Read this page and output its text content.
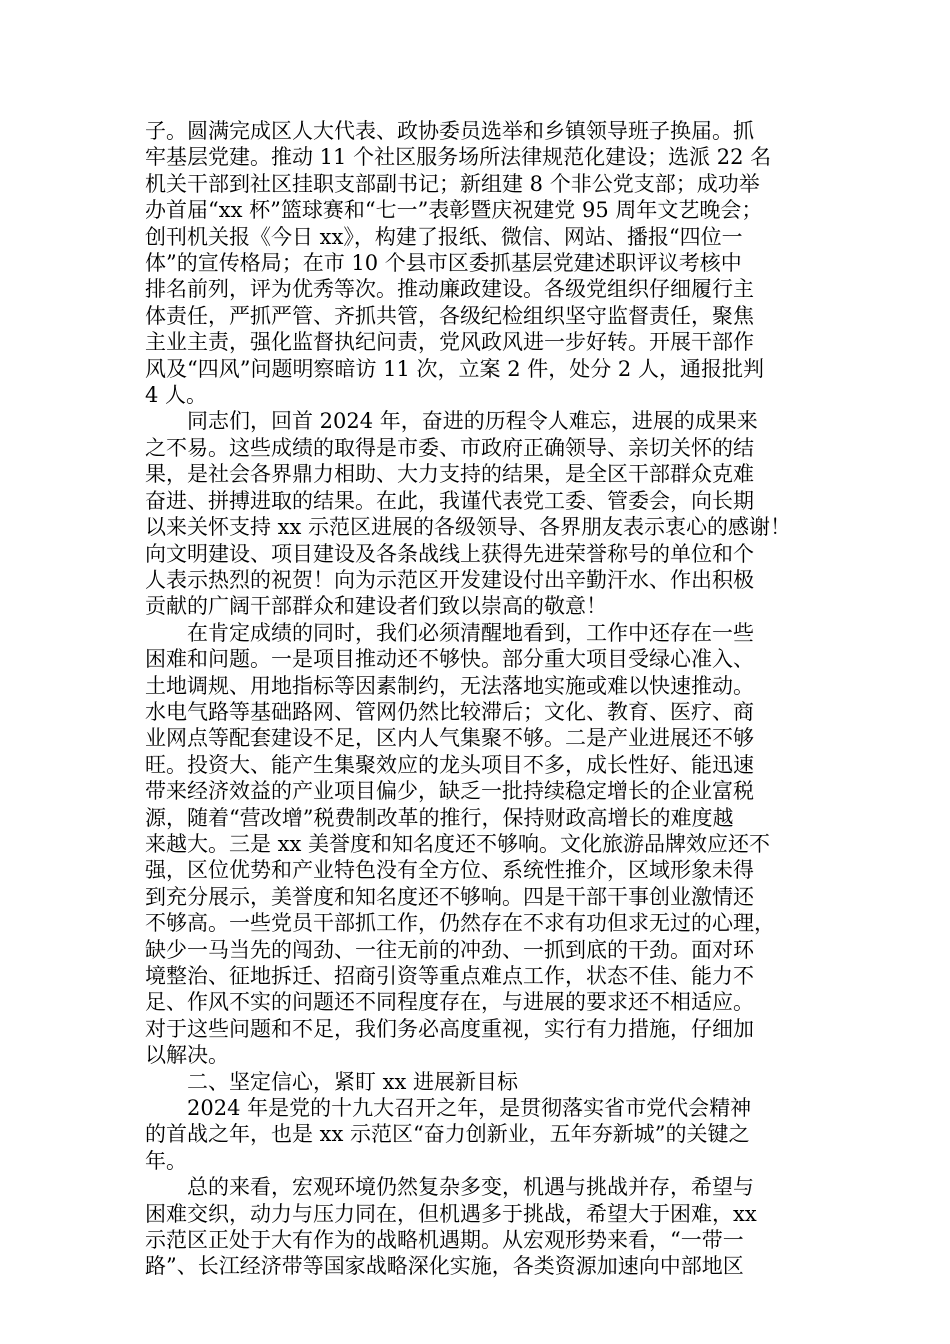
子。圆满完成区人大代表、政协委员选举和乡镇领导班子换届。抓
牢基层党建。推动 11 个社区服务场所法律规范化建设；选派 22 名
机关干部到社区挂职支部副书记；新组建 8 个非公党支部；成功举
办首届“xx 杯”篮球赛和“七一”表彰暨庆祝建党 95 周年文艺晚会；
创刊机关报《今日 xx》，构建了报纸、微信、网站、播报“四位一
体”的宣传格局；在市 10 个县市区委抓基层党建述职评议考核中
排名前列，评为优秀等次。推动廉政建设。各级党组织仔细履行主
体责任，严抓严管、齐抓共管，各级纪检组织坚守监督责任，聚焦
主业主责，强化监督执纪问责，党风政风进一步好转。开展干部作
风及“四风”问题明察暗访 11 次，立案 2 件，处分 2 人，通报批判
4 人。
同志们，回首 2024 年，奋进的历程令人难忘，进展的成果来
之不易。这些成绩的取得是市委、市政府正确领导、亲切关怀的结
果，是社会各界鼎力相助、大力支持的结果，是全区干部群众克难
奋进、拼搏进取的结果。在此，我谨代表党工委、管委会，向长期
以来关怀支持 xx 示范区进展的各级领导、各界朋友表示衷心的感谢！
向文明建设、项目建设及各条战线上获得先进荣誉称号的单位和个
人表示热烈的祝贺！向为示范区开发建设付出辛勤汗水、作出积极
贡献的广阔干部群众和建设者们致以崇高的敬意！
在肯定成绩的同时，我们必须清醒地看到，工作中还存在一些
困难和问题。一是项目推动还不够快。部分重大项目受绿心准入、
土地调规、用地指标等因素制约，无法落地实施或难以快速推动。
水电气路等基础路网、管网仍然比较滞后；文化、教育、医疗、商
业网点等配套建设不足，区内人气集聚不够。二是产业进展还不够
旺。投资大、能产生集聚效应的龙头项目不多，成长性好、能迅速
带来经济效益的产业项目偏少，缺乏一批持续稳定增长的企业富税
源，随着“营改增”税费制改革的推行，保持财政高增长的难度越
来越大。三是 xx 美誉度和知名度还不够响。文化旅游品牌效应还不
强，区位优势和产业特色没有全方位、系统性推介，区域形象未得
到充分展示，美誉度和知名度还不够响。四是干部干事创业激情还
不够高。一些党员干部抓工作，仍然存在不求有功但求无过的心理，
缺少一马当先的闯劲、一往无前的冲劲、一抓到底的干劲。面对环
境整治、征地拆迁、招商引资等重点难点工作，状态不佳、能力不
足、作风不实的问题还不同程度存在，与进展的要求还不相适应。
对于这些问题和不足，我们务必高度重视，实行有力措施，仔细加
以解决。
二、坚定信心，紧盯 xx 进展新目标
2024 年是党的十九大召开之年，是贯彻落实省市党代会精神
的首战之年，也是 xx 示范区“奋力创新业，五年夯新城”的关键之
年。
总的来看，宏观环境仍然复杂多变，机遇与挑战并存，希望与
困难交织，动力与压力同在，但机遇多于挑战，希望大于困难，xx
示范区正处于大有作为的战略机遇期。从宏观形势来看，“一带一
路”、长江经济带等国家战略深化实施，各类资源加速向中部地区
